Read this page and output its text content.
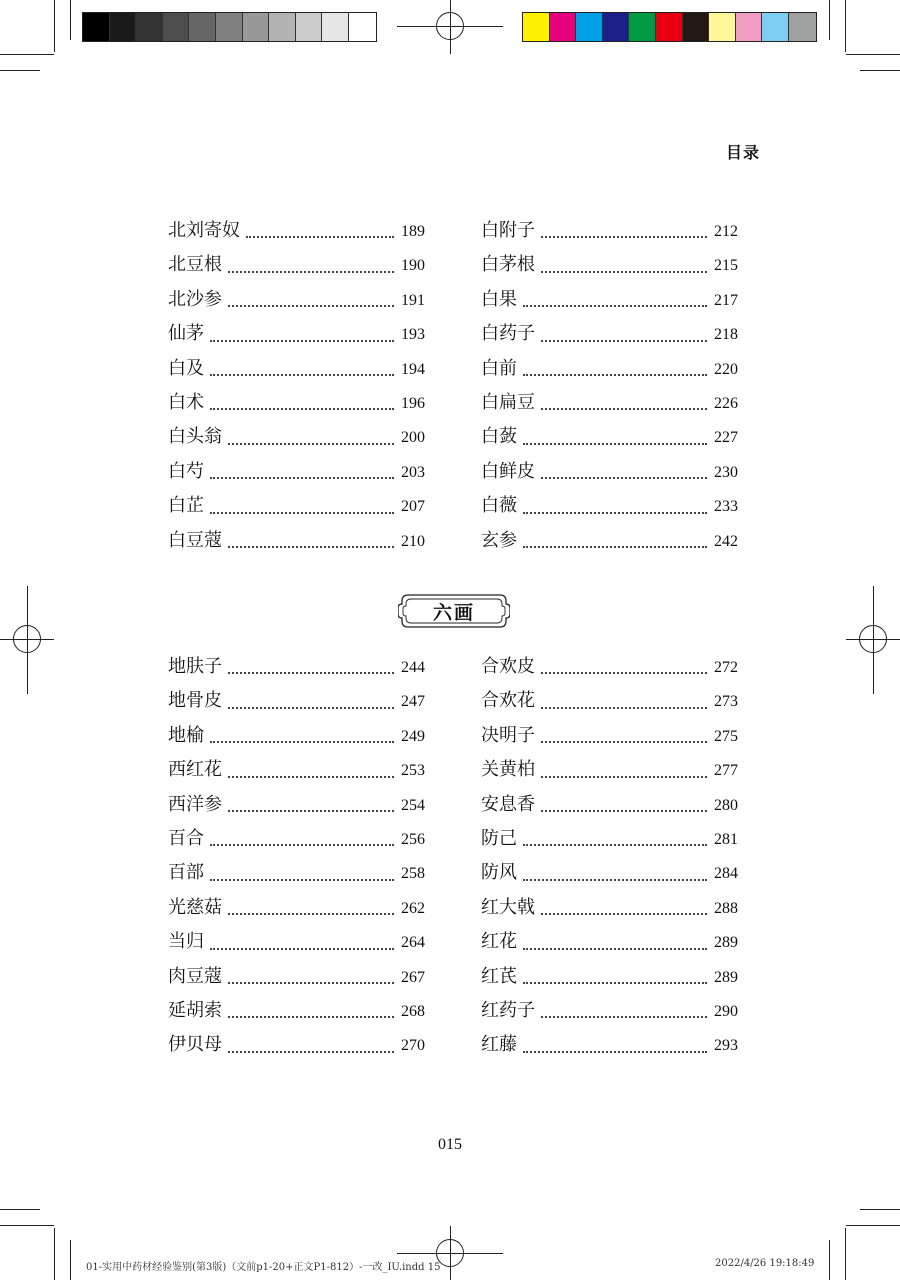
目录
北刘寄奴	189
北豆根	190
北沙参	191
仙茅	193
白及	194
白术	196
白头翁	200
白芍	203
白芷	207
白豆蔻	210
白附子	212
白茅根	215
白果	217
白药子	218
白前	220
白扁豆	226
白蔹	227
白鲜皮	230
白薇	233
玄参	242
六画
地肤子	244
地骨皮	247
地榆	249
西红花	253
西洋参	254
百合	256
百部	258
光慈菇	262
当归	264
肉豆蔻	267
延胡索	268
伊贝母	270
合欢皮	272
合欢花	273
决明子	275
关黄柏	277
安息香	280
防己	281
防风	284
红大戟	288
红花	289
红芪	289
红药子	290
红藤	293
015
01-实用中药材经验鉴别(第3版)（文前p1-20+正文P1-812）-一改_IU.indd 15	2022/4/26 19:18:49
